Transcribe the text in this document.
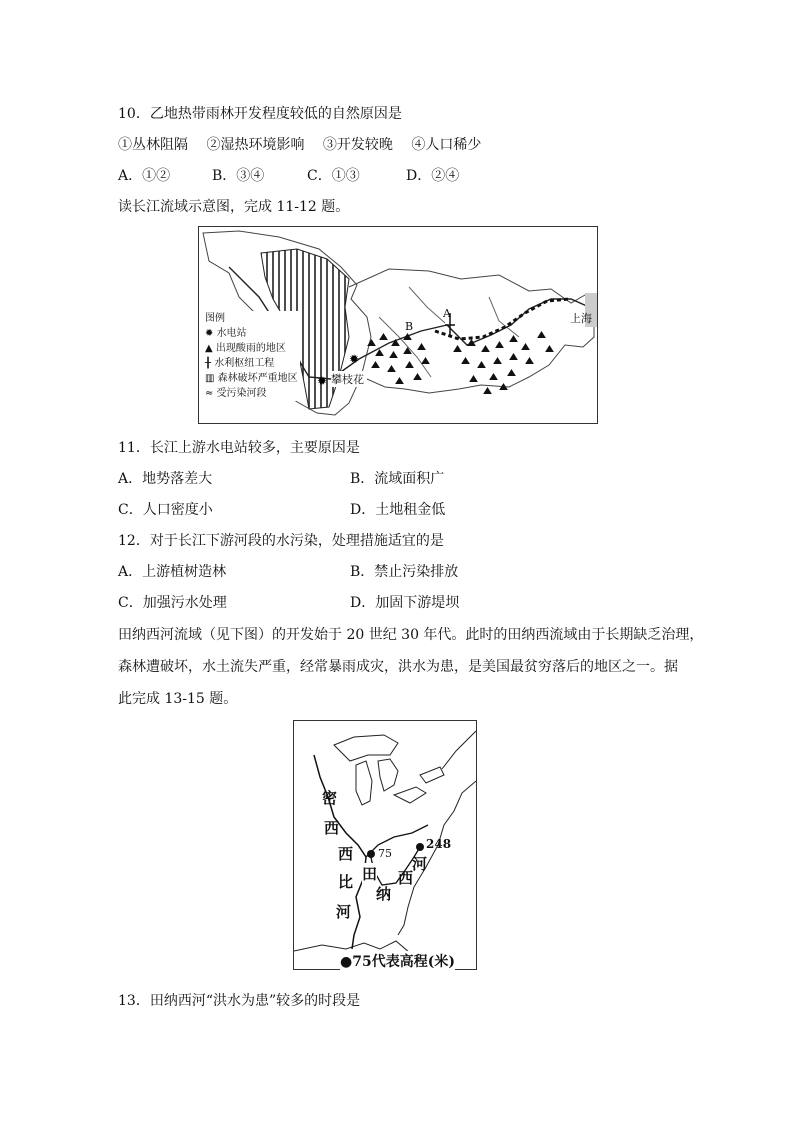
10．乙地热带雨林开发程度较低的自然原因是
①丛林阻隔 　②湿热环境影响 　③开发较晚 　④人口稀少
A．①②	B．③④	C．①③	D．②④
读长江流域示意图，完成 11-12 题。
✹
✹
A
B
攀枝花
上海
图例
✹ 水电站
▲ 出现酸雨的地区
╂ 水利枢纽工程
▥ 森林破坏严重地区
≈ 受污染河段
11．长江上游水电站较多，主要原因是
A．地势落差大	B．流域面积广
C．人口密度小	D．土地租金低
12．对于长江下游河段的水污染，处理措施适宜的是
A．上游植树造林	B．禁止污染排放
C．加强污水处理	D．加固下游堤坝
田纳西河流域（见下图）的开发始于 20 世纪 30 年代。此时的田纳西流域由于长期缺乏治理，
森林遭破坏，水土流失严重，经常暴雨成灾，洪水为患，是美国最贫穷落后的地区之一。据
此完成 13-15 题。
75
248
密
西
西
比
河
田
纳
西
河
●75代表高程(米)
13．田纳西河“洪水为患”较多的时段是
